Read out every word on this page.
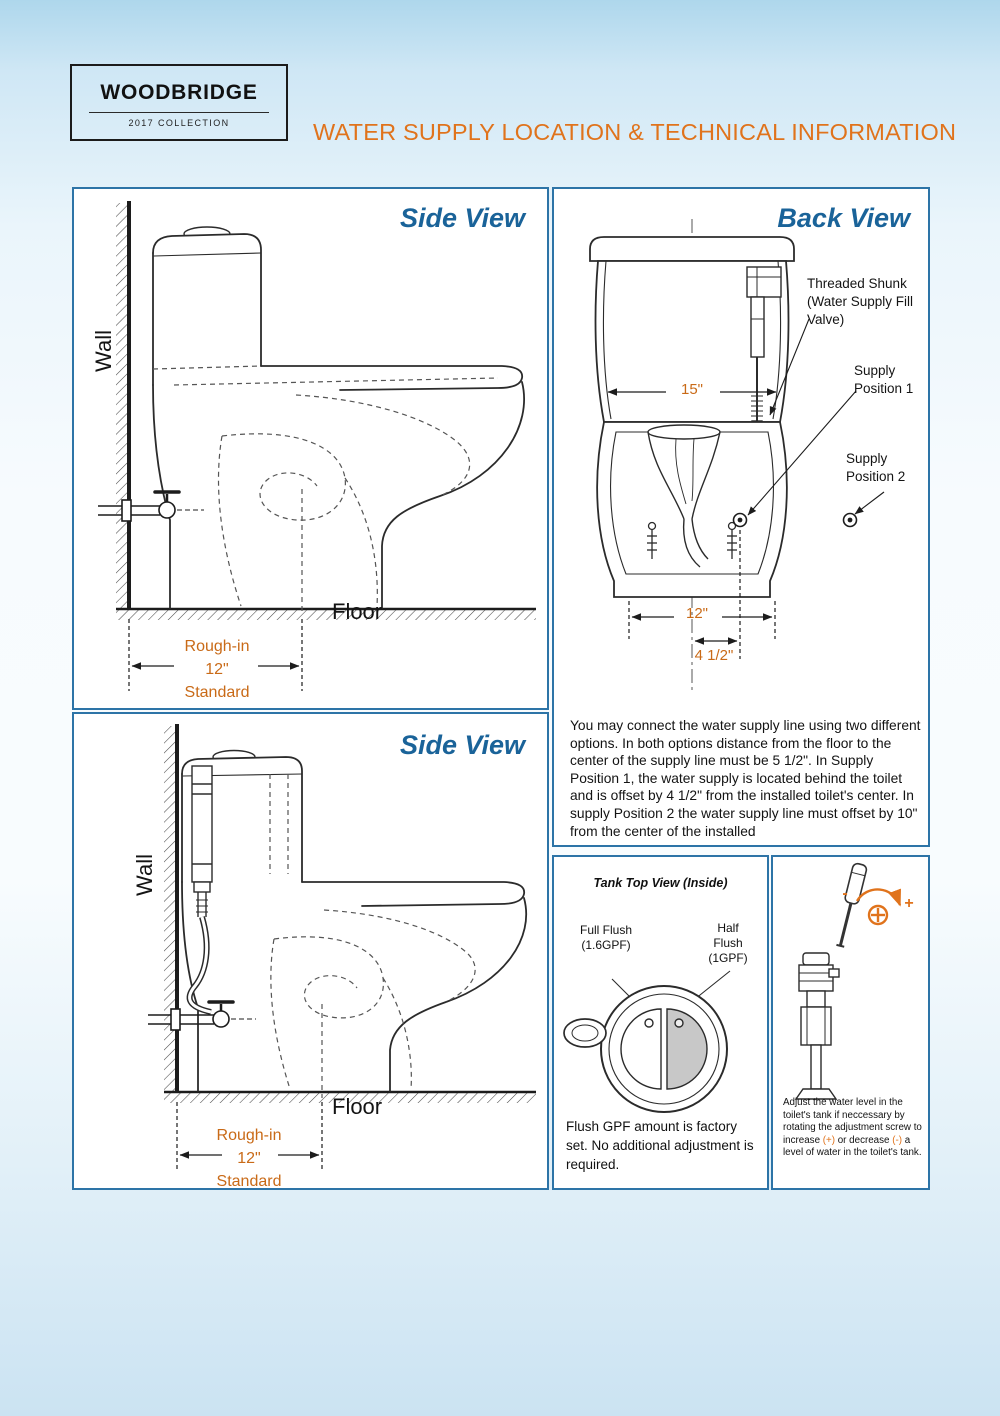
WOODBRIDGE
2017 COLLECTION	WATER SUPPLY LOCATION & TECHNICAL INFORMATION
Side View
Wall
Floor
Rough-in
12"
Standard
Side View
Wall
Floor
Rough-in
12"
Standard
Back View
Threaded Shunk (Water Supply Fill Valve)
Supply Position 1
Supply Position 2
15"
12"
4 1/2"
You may connect the water supply line using two different options. In both options distance from the floor to the center of the supply line must be 5 1/2". In Supply Position 1, the water supply is located behind the toilet and is offset by 4 1/2" from the installed toilet's center. In supply Position 2 the water supply line must offset by 10" from the center of the installed
Tank Top View (Inside)
Full Flush (1.6GPF)
Half Flush (1GPF)
Flush GPF amount is factory set. No additional adjustment is required.
-
+
Adjust the water level in the toilet's tank if neccessary by rotating the adjustment screw to increase (+) or decrease (-) a level of water in the toilet's tank.
